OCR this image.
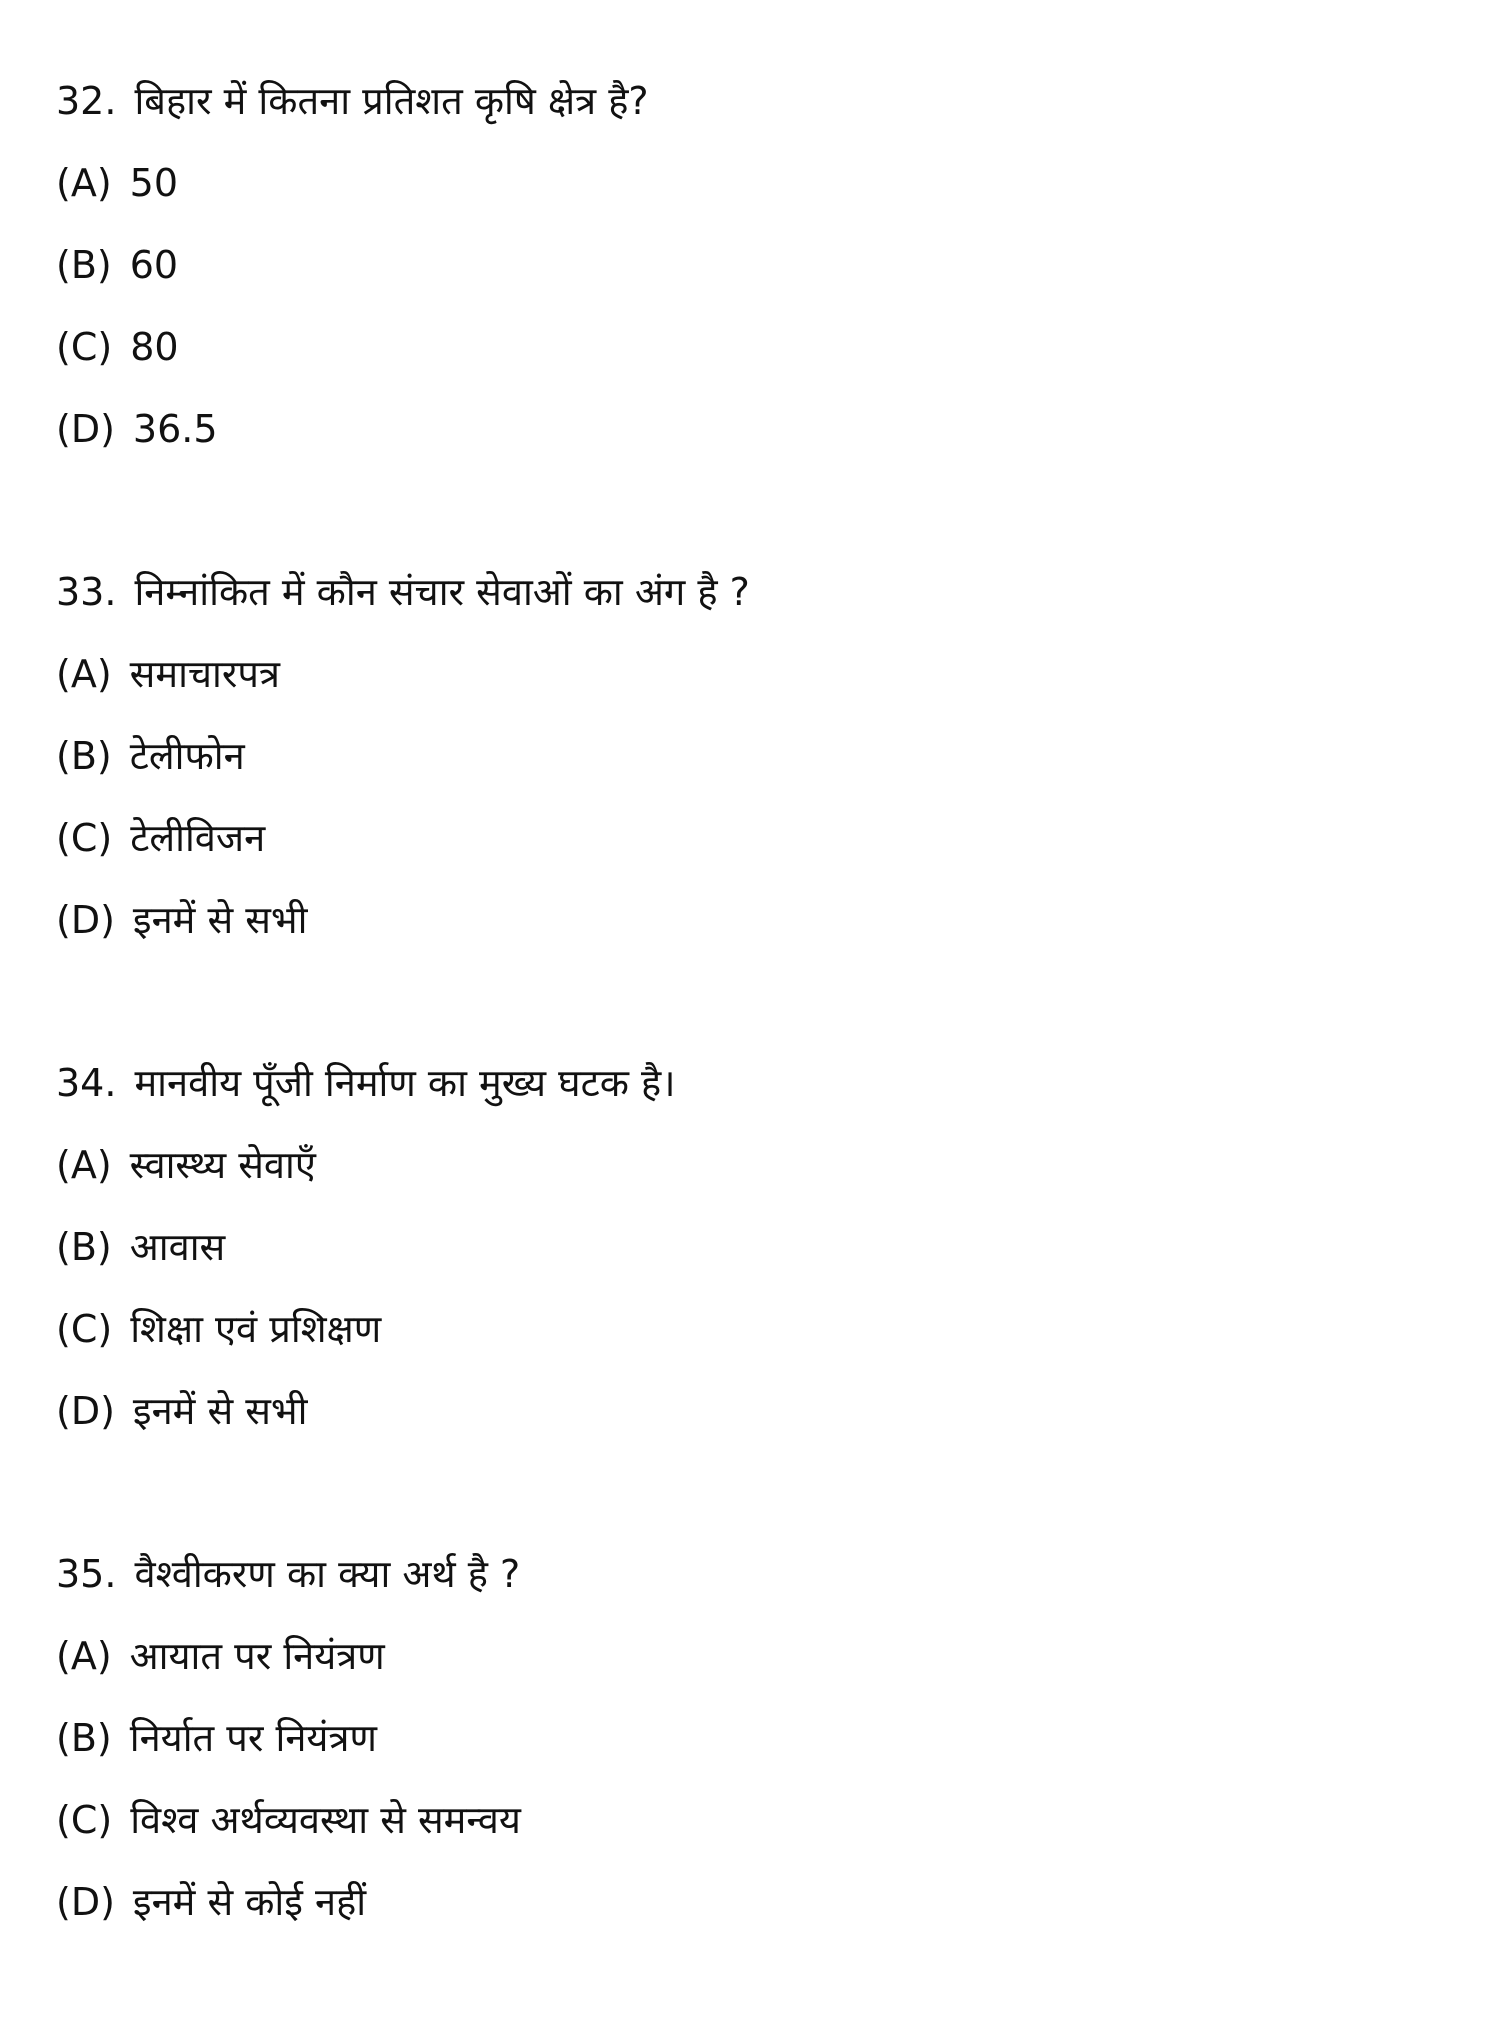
32. बिहार में कितना प्रतिशत कृषि क्षेत्र है?
(A) 50
(B) 60
(C) 80
(D) 36.5
33. निम्नांकित में कौन संचार सेवाओं का अंग है ?
(A) समाचारपत्र
(B) टेलीफोन
(C) टेलीविजन
(D) इनमें से सभी
34. मानवीय पूँजी निर्माण का मुख्य घटक है।
(A) स्वास्थ्य सेवाएँ
(B) आवास
(C) शिक्षा एवं प्रशिक्षण
(D) इनमें से सभी
35. वैश्वीकरण का क्या अर्थ है ?
(A) आयात पर नियंत्रण
(B) निर्यात पर नियंत्रण
(C) विश्व अर्थव्यवस्था से समन्वय
(D) इनमें से कोई नहीं
